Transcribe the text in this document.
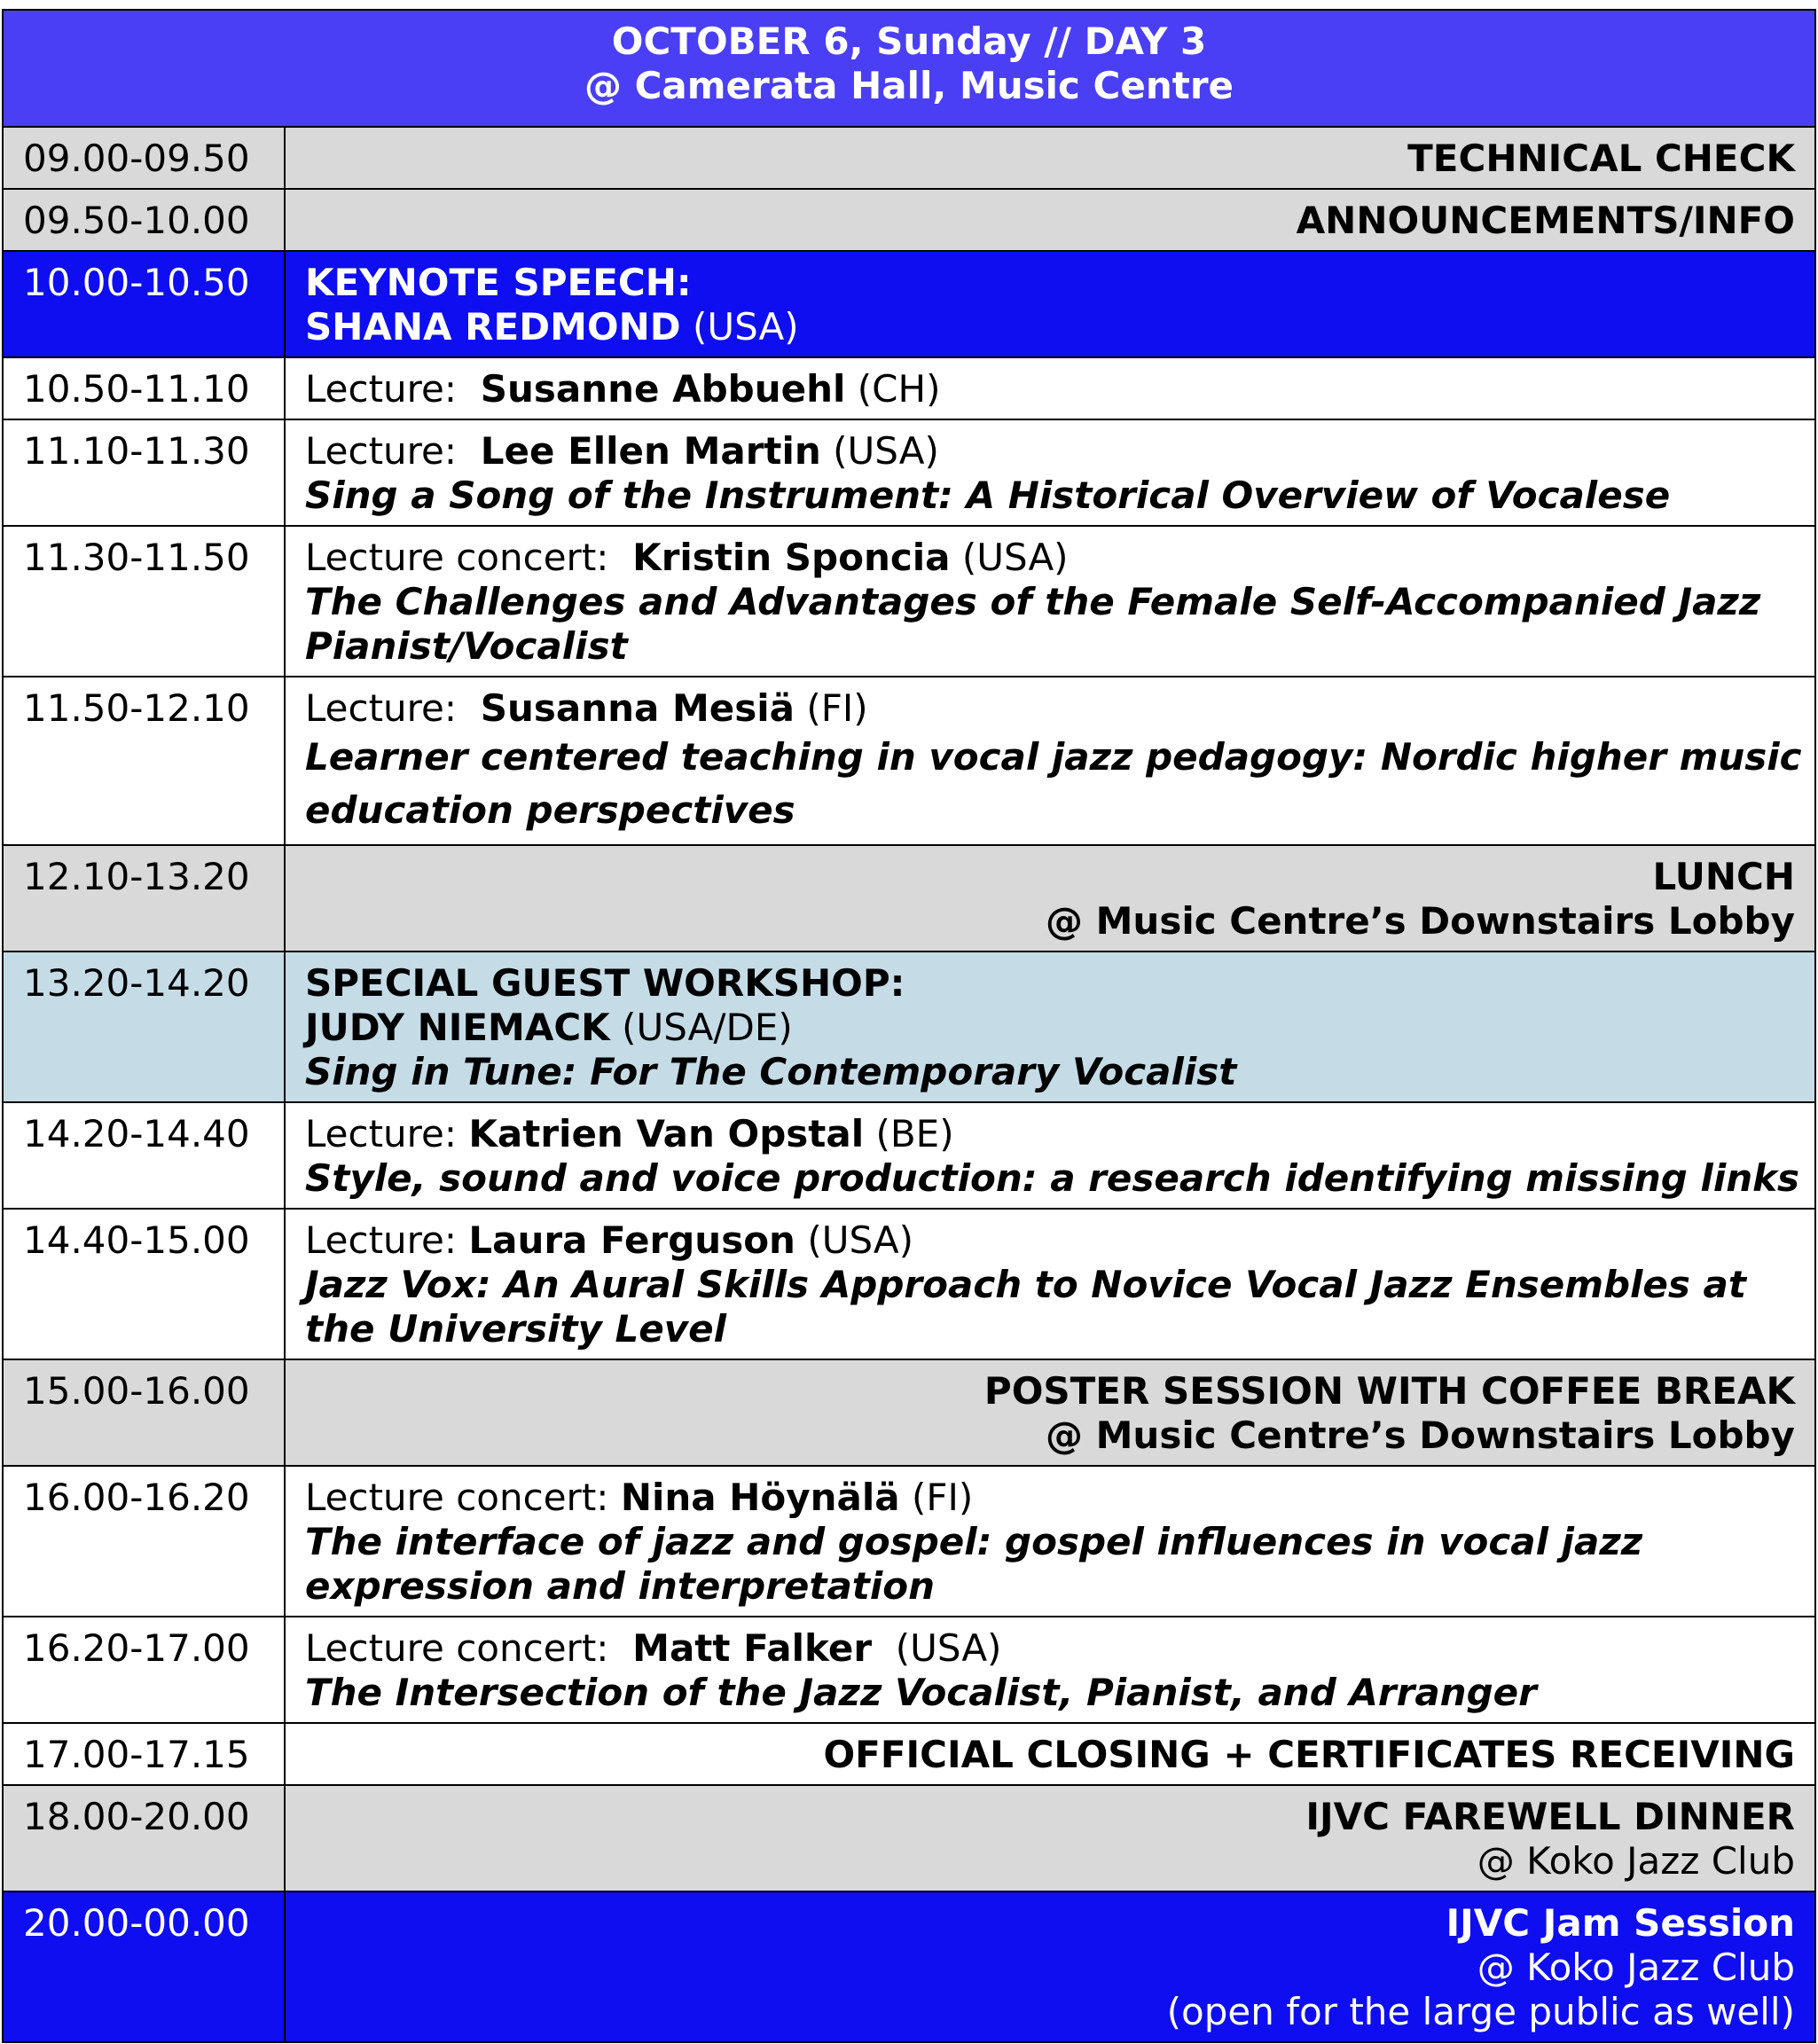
OCTOBER 6, Sunday // DAY 3
@ Camerata Hall, Music Centre	

09.00-09.50	TECHNICAL CHECK

09.50-10.00	ANNOUNCEMENTS/INFO

10.00-10.50	KEYNOTE SPEECH:
SHANA REDMOND (USA)

10.50-11.10	Lecture: Susanne Abbuehl (CH)

11.10-11.30	Lecture: Lee Ellen Martin (USA)
Sing a Song of the Instrument: A Historical Overview of Vocalese

11.30-11.50	Lecture concert: Kristin Sponcia (USA)
The Challenges and Advantages of the Female Self-Accompanied Jazz
Pianist/Vocalist

11.50-12.10	Lecture: Susanna Mesiä (FI)
Learner centered teaching in vocal jazz pedagogy: Nordic higher music
education perspectives

12.10-13.20	LUNCH
@ Music Centre’s Downstairs Lobby

13.20-14.20	SPECIAL GUEST WORKSHOP:
JUDY NIEMACK (USA/DE)
Sing in Tune: For The Contemporary Vocalist

14.20-14.40	Lecture: Katrien Van Opstal (BE)
Style, sound and voice production: a research identifying missing links

14.40-15.00	Lecture: Laura Ferguson (USA)
Jazz Vox: An Aural Skills Approach to Novice Vocal Jazz Ensembles at
the University Level

15.00-16.00	POSTER SESSION WITH COFFEE BREAK
@ Music Centre’s Downstairs Lobby

16.00-16.20	Lecture concert: Nina Höynälä (FI)
The interface of jazz and gospel: gospel influences in vocal jazz
expression and interpretation

16.20-17.00	Lecture concert: Matt Falker (USA)
The Intersection of the Jazz Vocalist, Pianist, and Arranger

17.00-17.15	OFFICIAL CLOSING + CERTIFICATES RECEIVING

18.00-20.00	IJVC FAREWELL DINNER
@ Koko Jazz Club

20.00-00.00	IJVC Jam Session
@ Koko Jazz Club
(open for the large public as well)
